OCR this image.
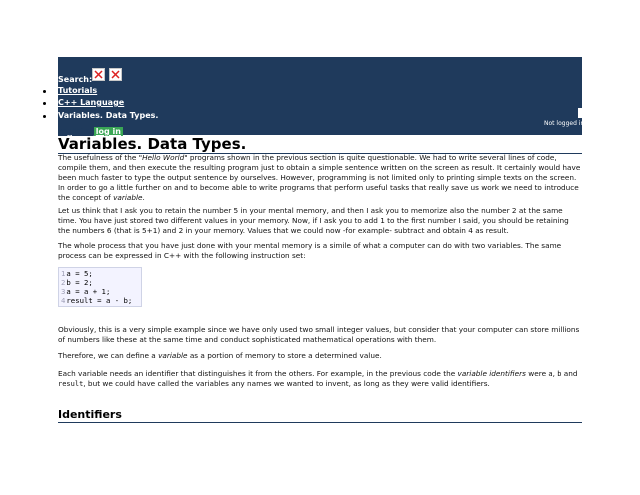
Search:
Tutorials
C++ Language
Variables. Data Types.
Not logged in
register log in
Variables. Data Types.
The usefulness of the "Hello World" programs shown in the previous section is quite questionable. We had to write several lines of code, compile them, and then execute the resulting program just to obtain a simple sentence written on the screen as result. It certainly would have been much faster to type the output sentence by ourselves. However, programming is not limited only to printing simple texts on the screen. In order to go a little further on and to become able to write programs that perform useful tasks that really save us work we need to introduce the concept of variable.
Let us think that I ask you to retain the number 5 in your mental memory, and then I ask you to memorize also the number 2 at the same time. You have just stored two different values in your memory. Now, if I ask you to add 1 to the first number I said, you should be retaining the numbers 6 (that is 5+1) and 2 in your memory. Values that we could now -for example- subtract and obtain 4 as result.
The whole process that you have just done with your mental memory is a simile of what a computer can do with two variables. The same process can be expressed in C++ with the following instruction set:
1a = 5;
2b = 2;
3a = a + 1;
4result = a - b;
Obviously, this is a very simple example since we have only used two small integer values, but consider that your computer can store millions of numbers like these at the same time and conduct sophisticated mathematical operations with them.
Therefore, we can define a variable as a portion of memory to store a determined value.
Each variable needs an identifier that distinguishes it from the others. For example, in the previous code the variable identifiers were a, b and result, but we could have called the variables any names we wanted to invent, as long as they were valid identifiers.
Identifiers
